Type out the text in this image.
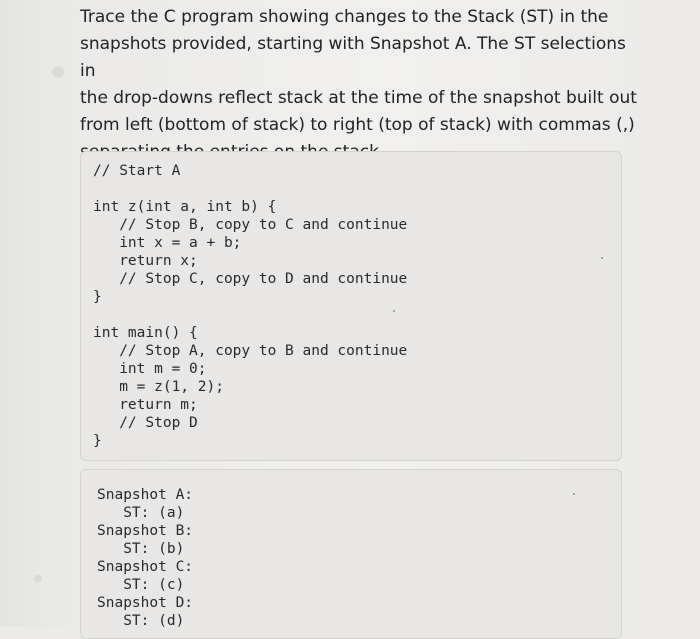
Trace the C program showing changes to the Stack (ST) in the

snapshots provided, starting with Snapshot A. The ST selections in

the drop-downs reflect stack at the time of the snapshot built out

from left (bottom of stack) to right (top of stack) with commas (,)

// Start A
int z(int a, int b) {
// Stop B, copy to C and continue
int x = a + b;
return x;
// Stop C, copy to D and continue
}
int main() {
// Stop A, copy to B and continue
int m = 0;
m = z(1, 2);
return m;
// Stop D
}
Snapshot A:
ST: (a)
Snapshot B:
ST: (b)
Snapshot C:
ST: (c)
Snapshot D:
ST: (d)
